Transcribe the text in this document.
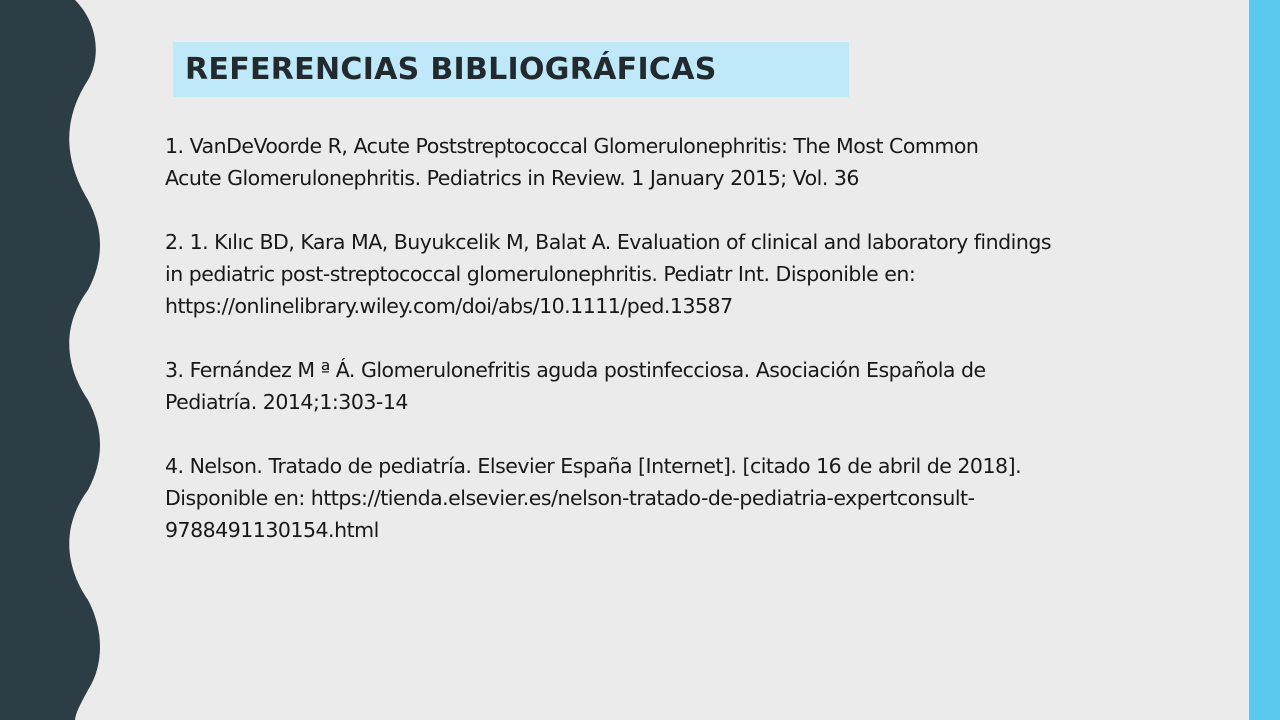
REFERENCIAS BIBLIOGRÁFICAS

1. VanDeVoorde R, Acute Poststreptococcal Glomerulonephritis: The Most Common
Acute Glomerulonephritis. Pediatrics in Review. 1 January 2015; Vol. 36

2. 1. Kılıc BD, Kara MA, Buyukcelik M, Balat A. Evaluation of clinical and laboratory findings
in pediatric post-streptococcal glomerulonephritis. Pediatr Int. Disponible en:
https://onlinelibrary.wiley.com/doi/abs/10.1111/ped.13587

3. Fernández M ª Á. Glomerulonefritis aguda postinfecciosa. Asociación Española de
Pediatría. 2014;1:303-14

4. Nelson. Tratado de pediatría. Elsevier España [Internet]. [citado 16 de abril de 2018].
Disponible en: https://tienda.elsevier.es/nelson-tratado-de-pediatria-expertconsult-
9788491130154.html
